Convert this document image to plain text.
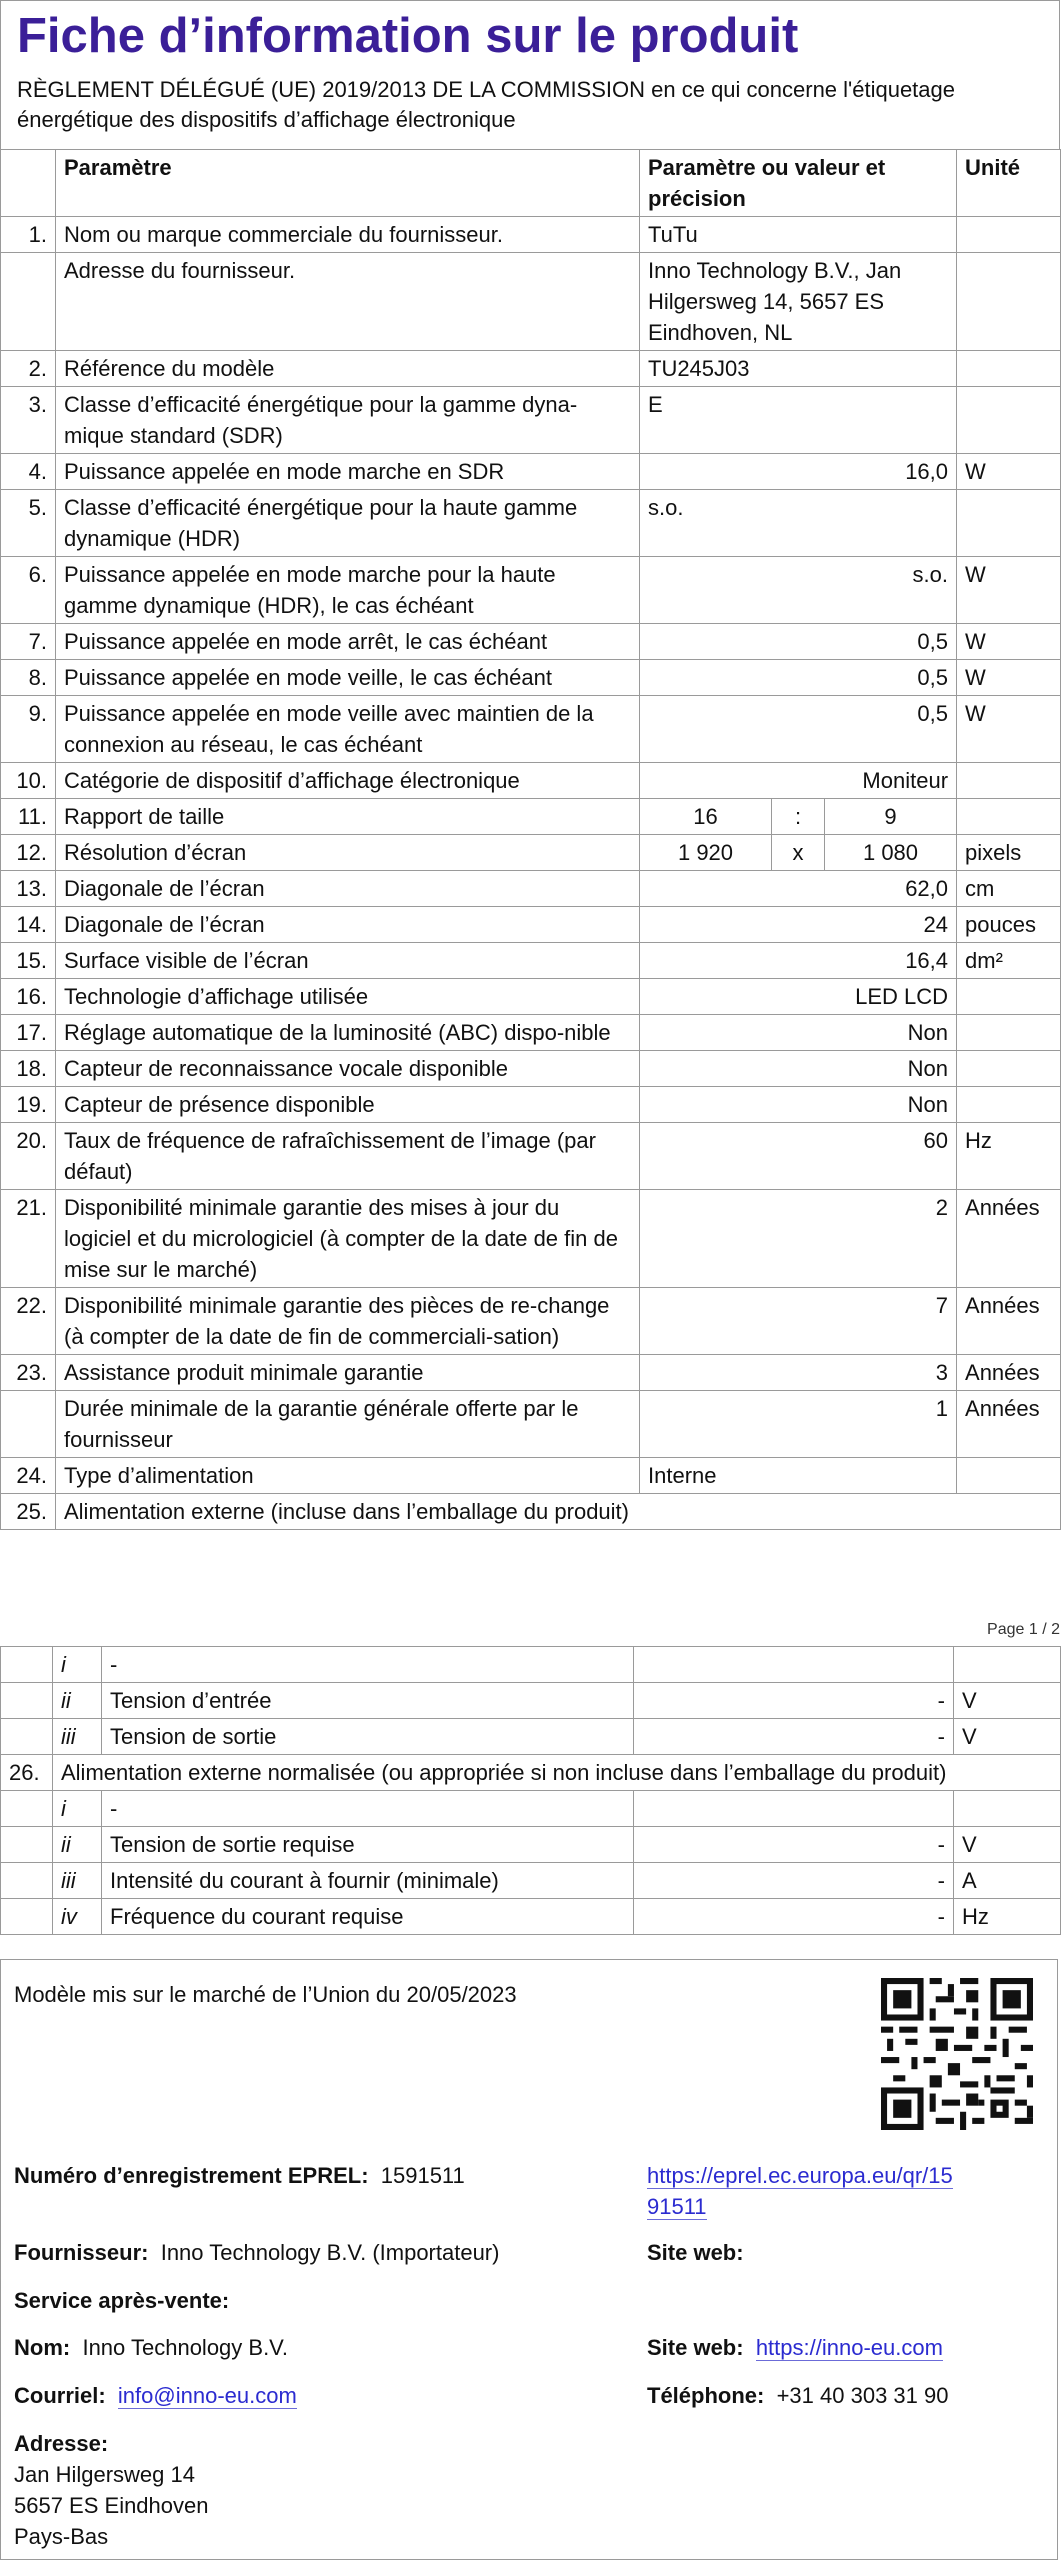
Fiche d’information sur le produit
RÈGLEMENT DÉLÉGUÉ (UE) 2019/2013 DE LA COMMISSION en ce qui concerne l'étiquetage énergétique des dispositifs d’affichage électronique
	Paramètre	Paramètre ou valeur et précision			Unité
1.	Nom ou marque commerciale du fournisseur.	TuTu			
	Adresse du fournisseur.	Inno Technology B.V., Jan Hilgersweg 14, 5657 ES Eindhoven, NL			
2.	Référence du modèle	TU245J03			
3.	Classe d’efficacité énergétique pour la gamme dyna-mique standard (SDR)	E			
4.	Puissance appelée en mode marche en SDR	16,0			W
5.	Classe d’efficacité énergétique pour la haute gamme dynamique (HDR)	s.o.			
6.	Puissance appelée en mode marche pour la haute gamme dynamique (HDR), le cas échéant	s.o.			W
7.	Puissance appelée en mode arrêt, le cas échéant	0,5			W
8.	Puissance appelée en mode veille, le cas échéant	0,5			W
9.	Puissance appelée en mode veille avec maintien de la connexion au réseau, le cas échéant	0,5			W
10.	Catégorie de dispositif d’affichage électronique	Moniteur			
11.	Rapport de taille	16	:	9	
12.	Résolution d’écran	1 920	x	1 080	pixels
13.	Diagonale de l’écran	62,0			cm
14.	Diagonale de l’écran	24			pouces
15.	Surface visible de l’écran	16,4			dm²
16.	Technologie d’affichage utilisée	LED LCD			
17.	Réglage automatique de la luminosité (ABC) dispo-nible	Non			
18.	Capteur de reconnaissance vocale disponible	Non			
19.	Capteur de présence disponible	Non			
20.	Taux de fréquence de rafraîchissement de l’image (par défaut)	60			Hz
21.	Disponibilité minimale garantie des mises à jour du logiciel et du micrologiciel (à compter de la date de fin de mise sur le marché)	2			Années
22.	Disponibilité minimale garantie des pièces de re-change (à compter de la date de fin de commerciali-sation)	7			Années
23.	Assistance produit minimale garantie	3			Années
	Durée minimale de la garantie générale offerte par le fournisseur	1			Années
24.	Type d’alimentation	Interne			
25.	Alimentation externe (incluse dans l’emballage du produit)				
Page 1 / 2
	i	-		
	ii	Tension d’entrée	-	V
	iii	Tension de sortie	-	V
26.	Alimentation externe normalisée (ou appropriée si non incluse dans l’emballage du produit)			
	i	-		
	ii	Tension de sortie requise	-	V
	iii	Intensité du courant à fournir (minimale)	-	A
	iv	Fréquence du courant requise	-	Hz
Modèle mis sur le marché de l’Union du 20/05/2023
Numéro d’enregistrement EPREL: 1591511	https://eprel.ec.europa.eu/qr/15
91511
Fournisseur: Inno Technology B.V. (Importateur)	Site web:
Service après-vente:
Nom: Inno Technology B.V.	Site web: https://inno-eu.com
Courriel: info@inno-eu.com	Téléphone: +31 40 303 31 90
Adresse:
Jan Hilgersweg 14
5657 ES Eindhoven
Pays-Bas
